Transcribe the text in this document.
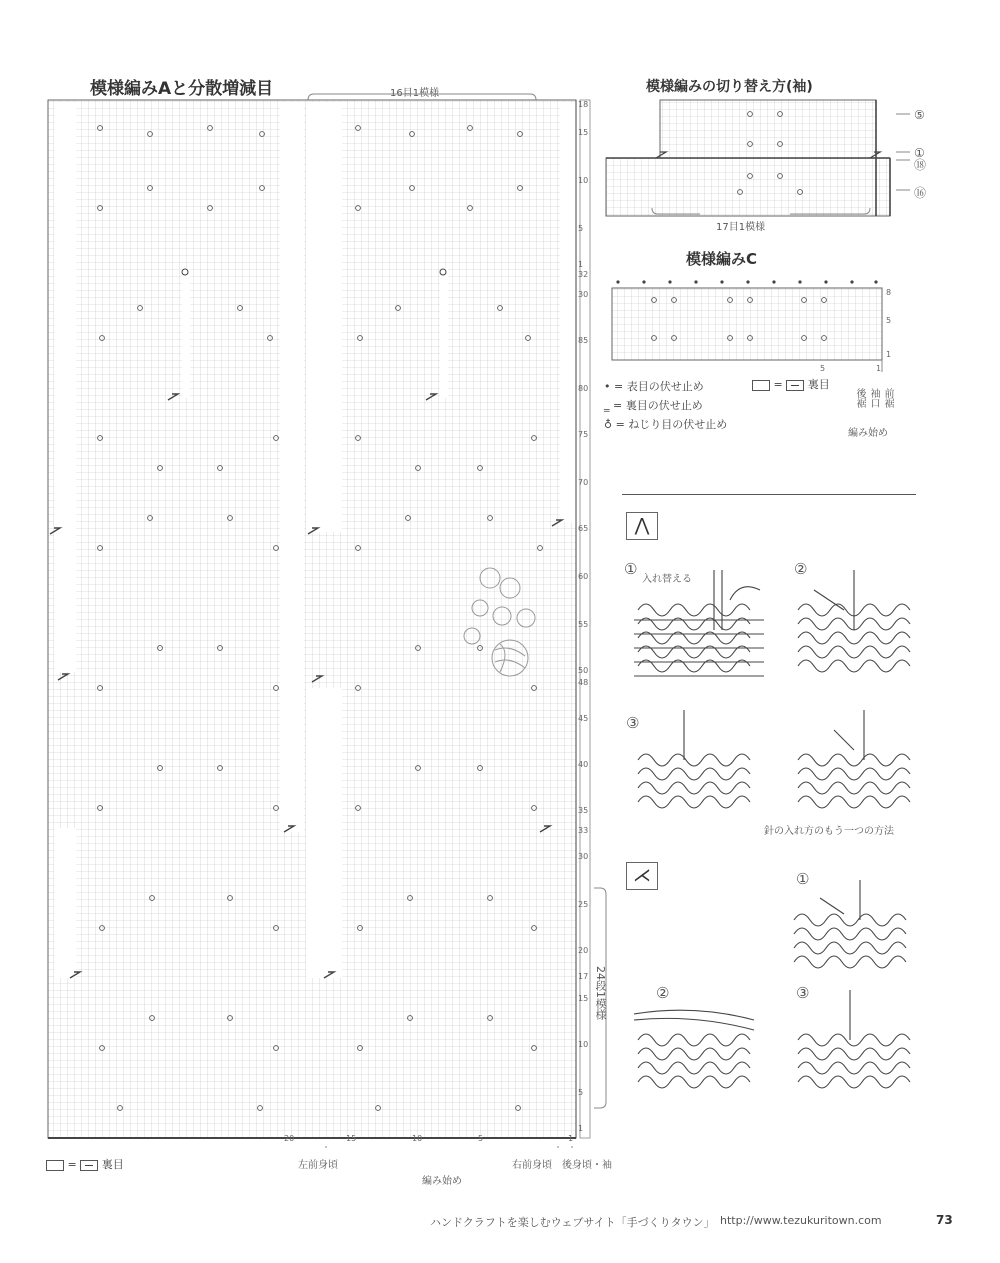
模様編みAと分散増減目	16目1模様
18
15
10
5
1
32
30
85
80
75
70
65
60
55
50
48
45
40
35
33
30
25
20
17
15
10
5
1
20	15	10	5	1
24段1模様
左前身頃	右前身頃 後身頃・袖
編み始め
= 裏目
模様編みの切り替え方(袖)
17目1模様
⑤
①
⑱
⑯
模様編みC
8
5
1
5	1
• = 表目の伏せ止め
‗ = 裏目の伏せ止め
♁ = ねじり目の伏せ止め
= 裏目
後裾 袖口 前裾
編み始め
⋀
①
入れ替える
②
③
針の入れ方のもう一つの方法
⋌	①
②	③
ハンドクラフトを楽しむウェブサイト「手づくりタウン」 http://www.tezukuritown.com	73
